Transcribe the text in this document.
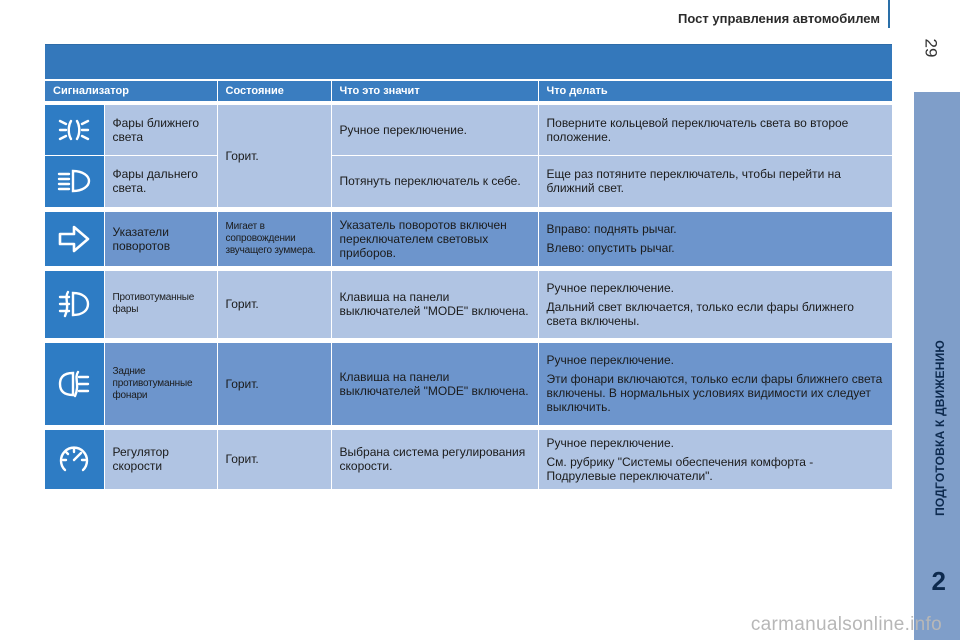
Пост управления автомобилем
29
ПОДГОТОВКА К ДВИЖЕНИЮ
2
Сигнализатор		Состояние	Что это значит	Что делать

	Фары ближнего света	Горит.	Ручное переключение.	Поверните кольцевой переключатель света во второе положение.

	Фары дальнего света.		Потянуть переключатель к себе.	Еще раз потяните переключатель, чтобы перейти на ближний свет.

	Указатели поворотов	Мигает в сопровождении звучащего зуммера.	Указатель поворотов включен переключателем световых приборов.	Вправо: поднять рычаг.

Влево: опустить рычаг.

	Противотуманные фары	Горит.	Клавиша на панели выключателей "MODE" включена.	Ручное переключение.

Дальний свет включается, только если фары ближнего света включены.

	Задние противотуманные фонари	Горит.	Клавиша на панели выключателей "MODE" включена.	Ручное переключение.

Эти фонари включаются, только если фары ближнего света включены. В нормальных условиях видимости их следует выключить.

	Регулятор скорости	Горит.	Выбрана система регулирования скорости.	Ручное переключение.

См. рубрику "Системы обеспечения комфорта - Подрулевые переключатели".

carmanualsonline.info
